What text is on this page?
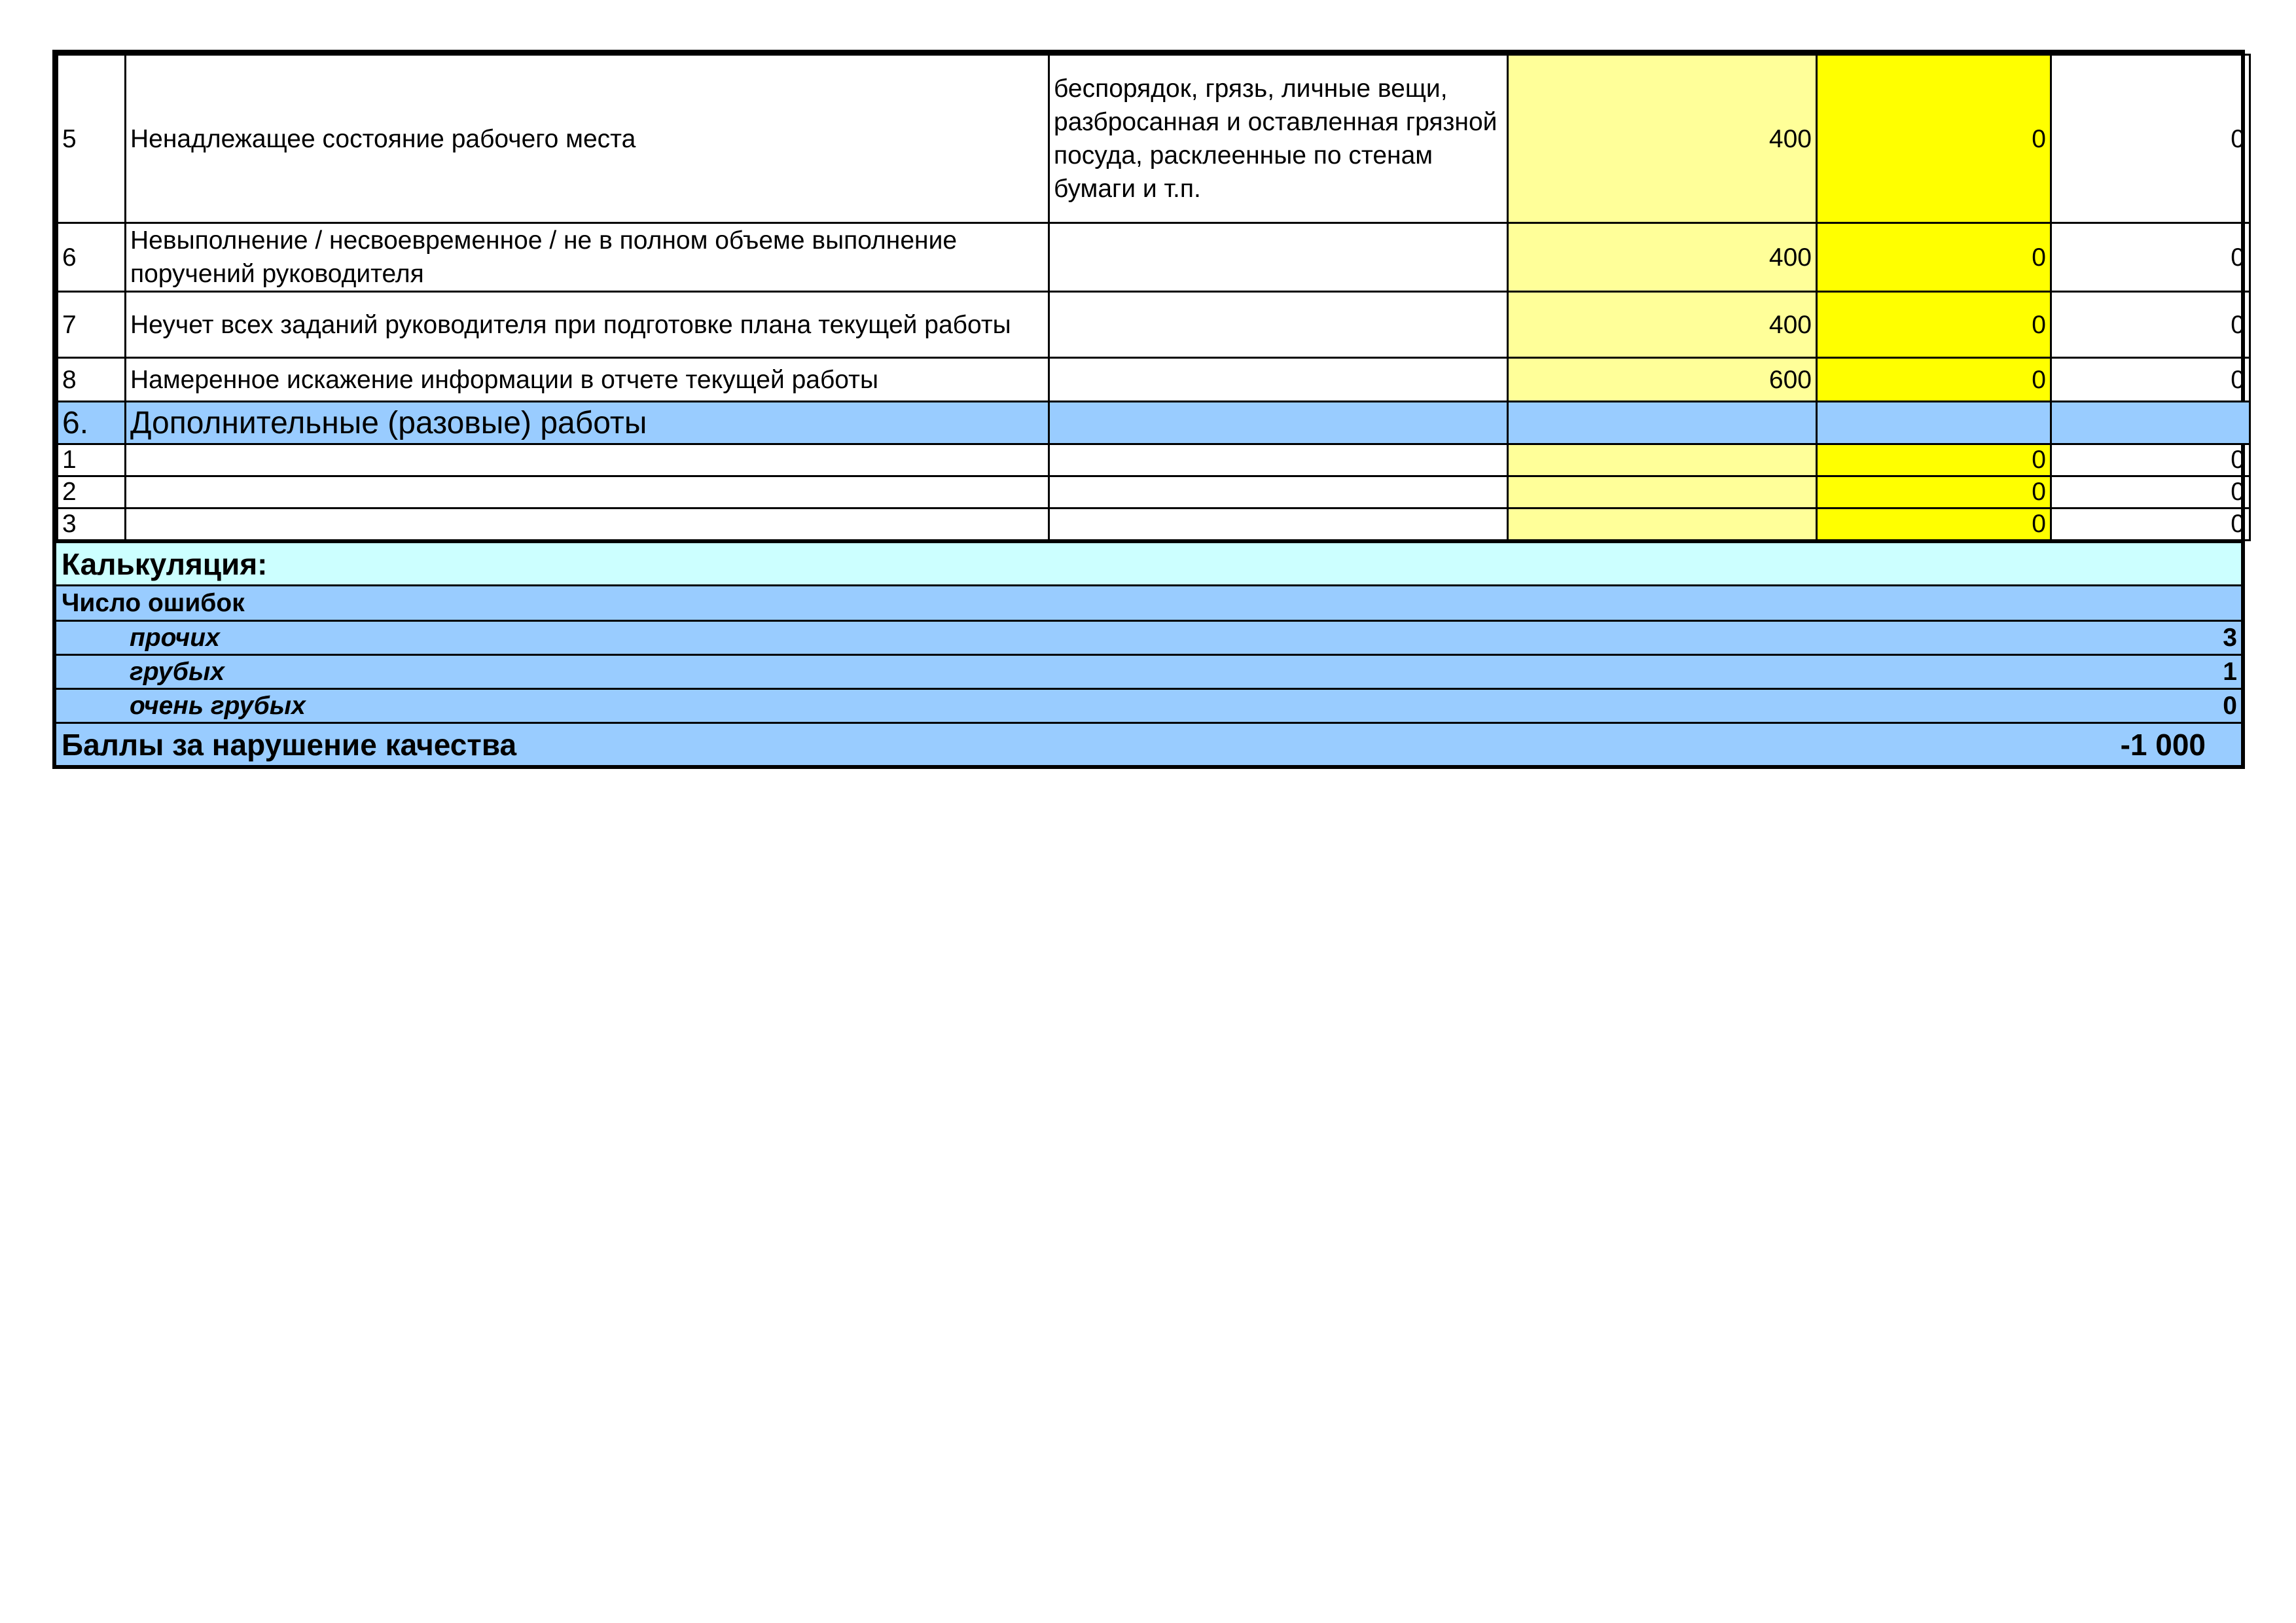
5	Ненадлежащее состояние рабочего места	беспорядок, грязь, личные вещи, разбросанная и оставленная грязной посуда, расклеенные по стенам бумаги и т.п.	400	0	0
6	Невыполнение / несвоевременное / не в полном объеме выполнение поручений руководителя		400	0	0
7	Неучет всех заданий руководителя при подготовке плана текущей работы		400	0	0
8	Намеренное искажение информации в отчете текущей работы		600	0	0
6.	Дополнительные (разовые) работы				
1				0	0
2				0	0
3				0	0
Калькуляция:
Число ошибок
прочих	3
грубых	1
очень грубых	0
Баллы за нарушение качества	-1 000
